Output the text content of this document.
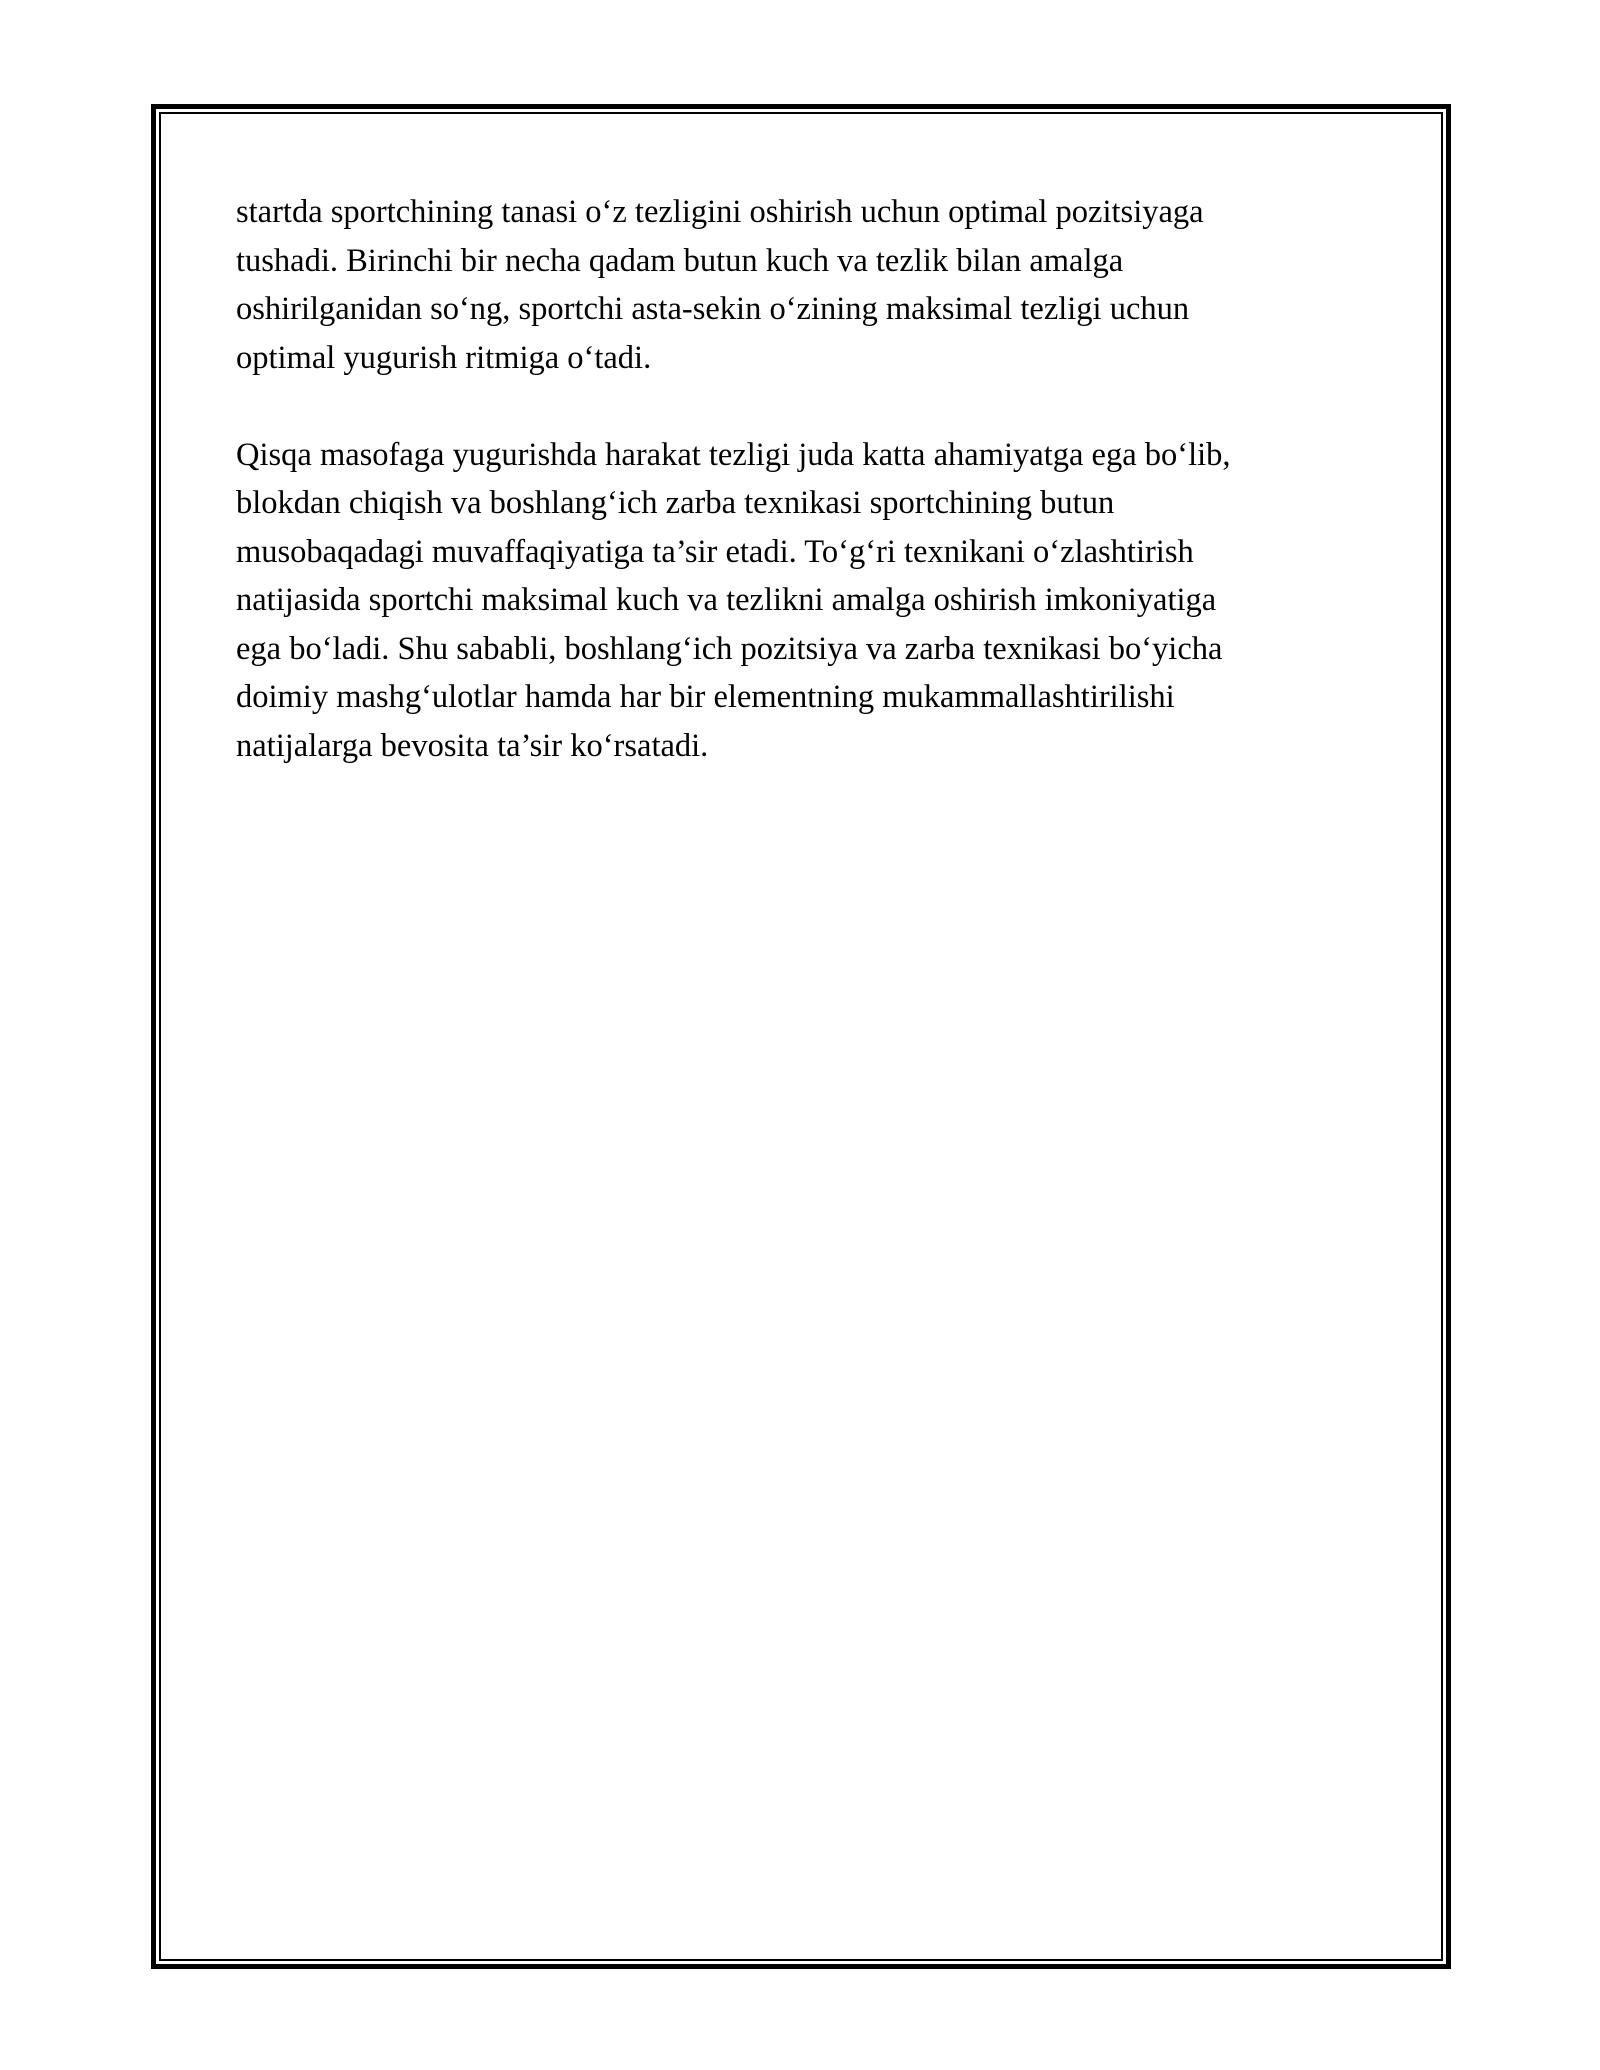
startda sportchining tanasi o‘z tezligini oshirish uchun optimal pozitsiyaga
tushadi. Birinchi bir necha qadam butun kuch va tezlik bilan amalga
oshirilganidan so‘ng, sportchi asta-sekin o‘zining maksimal tezligi uchun
optimal yugurish ritmiga o‘tadi.

Qisqa masofaga yugurishda harakat tezligi juda katta ahamiyatga ega bo‘lib,
blokdan chiqish va boshlang‘ich zarba texnikasi sportchining butun
musobaqadagi muvaffaqiyatiga ta’sir etadi. To‘g‘ri texnikani o‘zlashtirish
natijasida sportchi maksimal kuch va tezlikni amalga oshirish imkoniyatiga
ega bo‘ladi. Shu sababli, boshlang‘ich pozitsiya va zarba texnikasi bo‘yicha
doimiy mashg‘ulotlar hamda har bir elementning mukammallashtirilishi
natijalarga bevosita ta’sir ko‘rsatadi.
